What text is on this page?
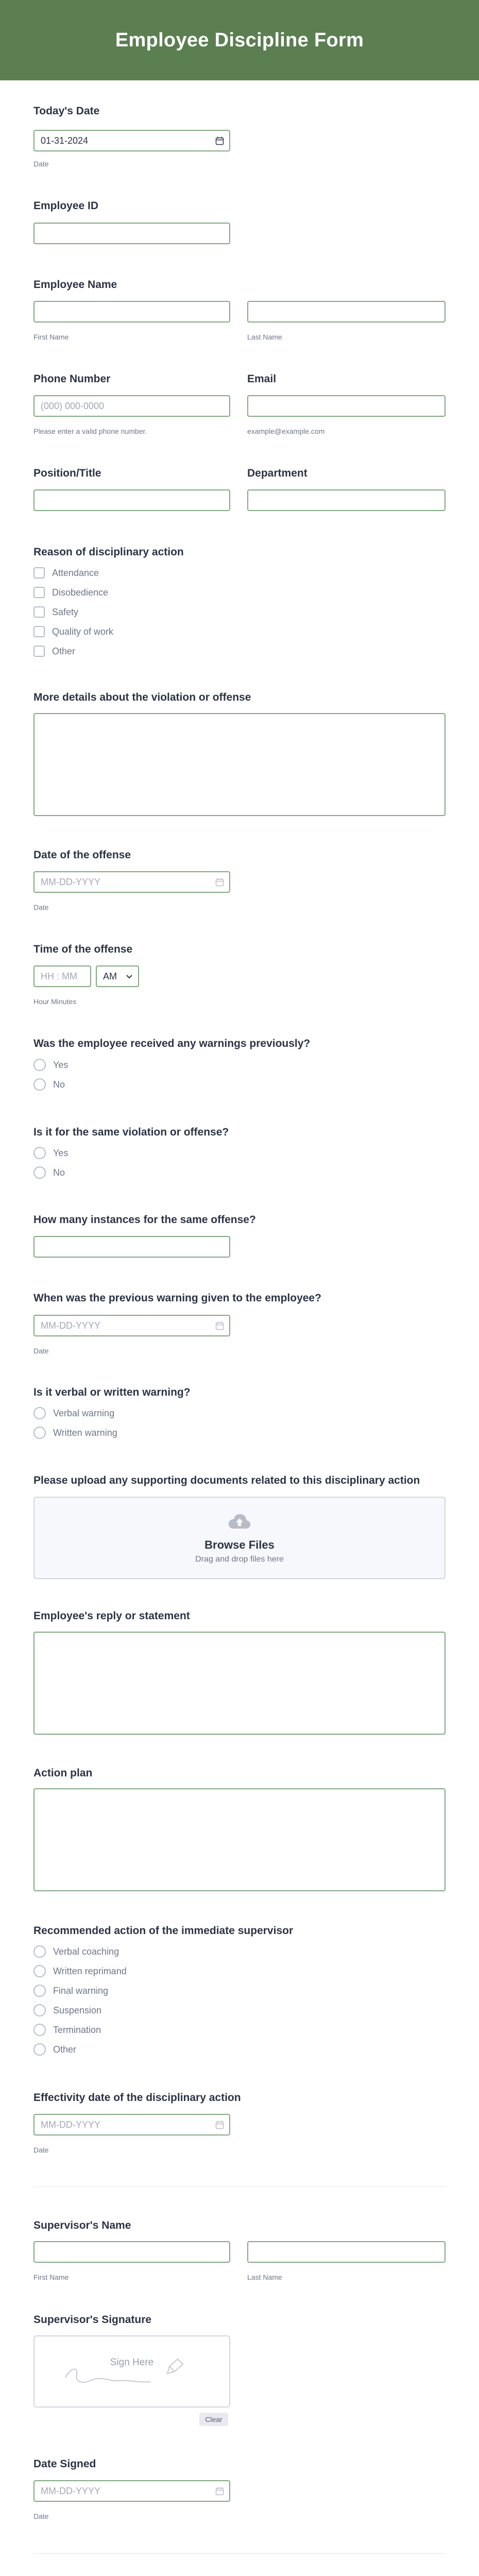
Employee Discipline Form
Today's Date
01-31-2024
Date
Employee ID
Employee Name
First Name	Last Name
Phone Number
(000) 000-0000
Please enter a valid phone number.
Email
example@example.com
Position/Title	Department
Reason of disciplinary action
Attendance
Disobedience
Safety
Quality of work
Other
More details about the violation or offense
Date of the offense
MM-DD-YYYY
Date
Time of the offense
HH : MM	AM
Hour Minutes
Was the employee received any warnings previously?
Yes
No
Is it for the same violation or offense?
Yes
No
How many instances for the same offense?
When was the previous warning given to the employee?
MM-DD-YYYY
Date
Is it verbal or written warning?
Verbal warning
Written warning
Please upload any supporting documents related to this disciplinary action
Browse Files
Drag and drop files here
Employee's reply or statement
Action plan
Recommended action of the immediate supervisor
Verbal coaching
Written reprimand
Final warning
Suspension
Termination
Other
Effectivity date of the disciplinary action
MM-DD-YYYY
Date
Supervisor's Name
First Name	Last Name
Supervisor's Signature
Sign Here
Clear
Date Signed
MM-DD-YYYY
Date
